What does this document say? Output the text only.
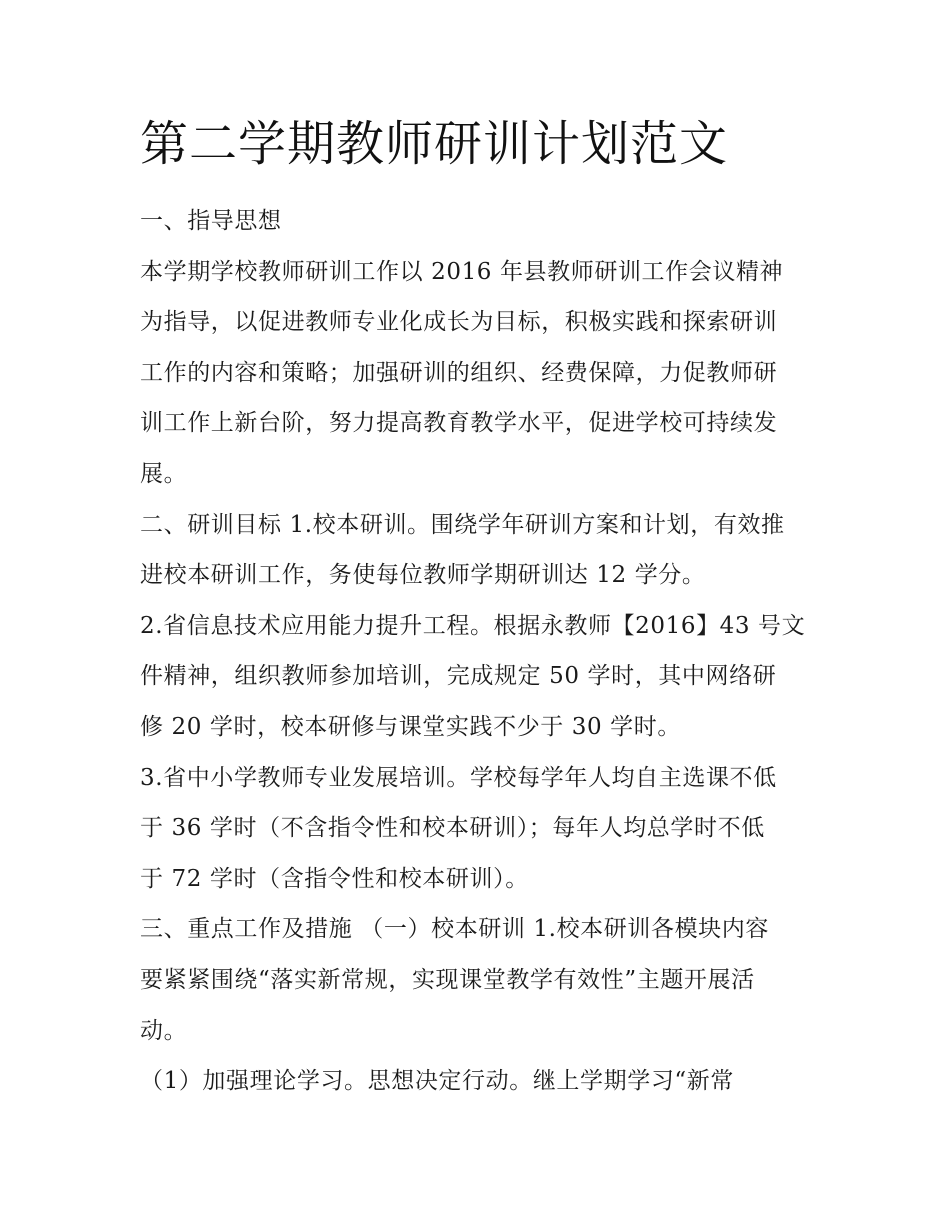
第二学期教师研训计划范文
一、指导思想
本学期学校教师研训工作以 2016 年县教师研训工作会议精神
为指导，以促进教师专业化成长为目标，积极实践和探索研训
工作的内容和策略；加强研训的组织、经费保障，力促教师研
训工作上新台阶，努力提高教育教学水平，促进学校可持续发
展。
二、研训目标 1.校本研训。围绕学年研训方案和计划，有效推
进校本研训工作，务使每位教师学期研训达 12 学分。
2.省信息技术应用能力提升工程。根据永教师【2016】43 号文
件精神，组织教师参加培训，完成规定 50 学时，其中网络研
修 20 学时，校本研修与课堂实践不少于 30 学时。
3.省中小学教师专业发展培训。学校每学年人均自主选课不低
于 36 学时（不含指令性和校本研训）；每年人均总学时不低
于 72 学时（含指令性和校本研训）。
三、重点工作及措施 （一）校本研训 1.校本研训各模块内容
要紧紧围绕“落实新常规，实现课堂教学有效性”主题开展活
动。
（1）加强理论学习。思想决定行动。继上学期学习“新常
